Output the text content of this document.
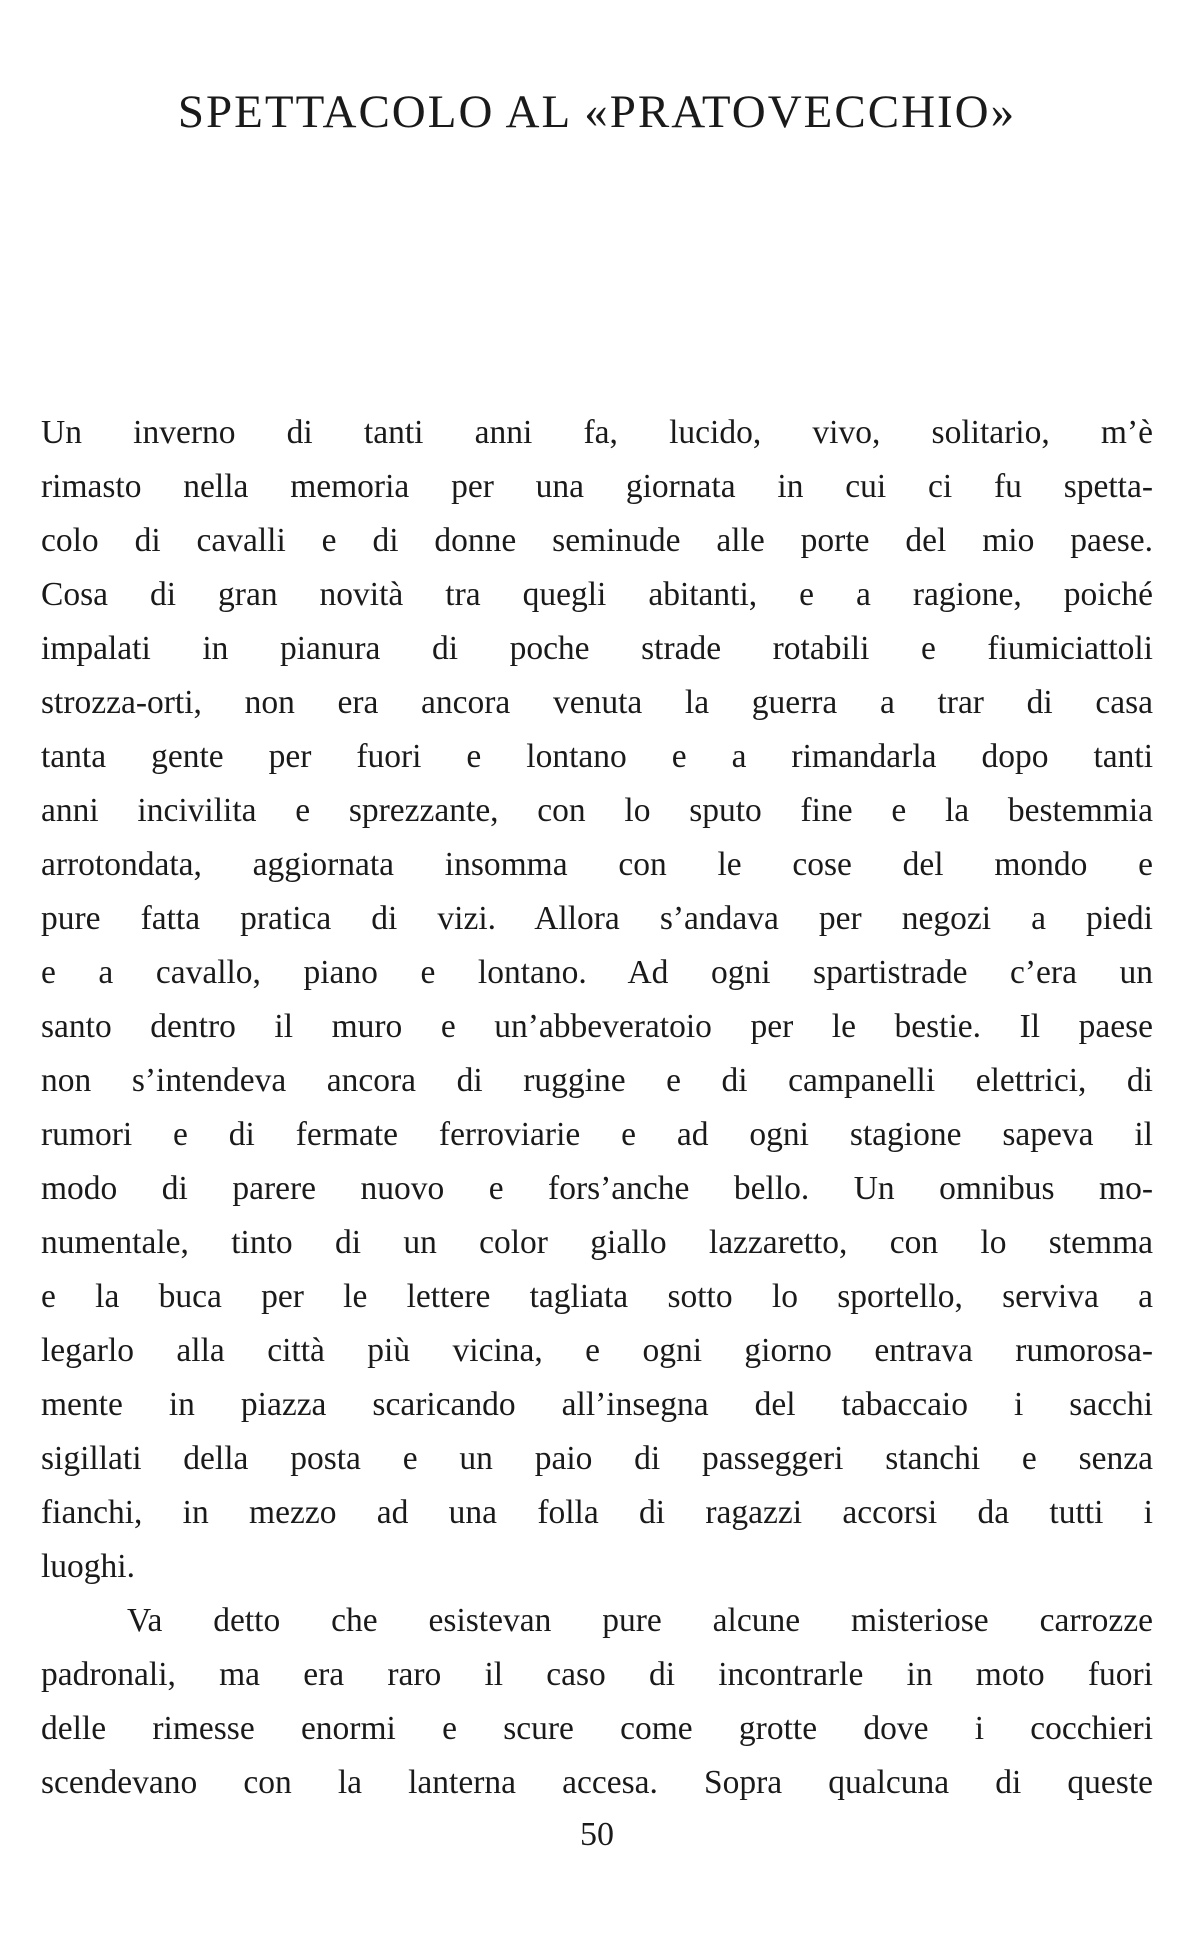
SPETTACOLO AL «PRATOVECCHIO»
Un inverno di tanti anni fa, lucido, vivo, solitario, m’è
rimasto nella memoria per una giornata in cui ci fu spetta-
colo di cavalli e di donne seminude alle porte del mio paese.
Cosa di gran novità tra quegli abitanti, e a ragione, poiché
impalati in pianura di poche strade rotabili e fiumiciattoli
strozza-orti, non era ancora venuta la guerra a trar di casa
tanta gente per fuori e lontano e a rimandarla dopo tanti
anni incivilita e sprezzante, con lo sputo fine e la bestemmia
arrotondata, aggiornata insomma con le cose del mondo e
pure fatta pratica di vizi. Allora s’andava per negozi a piedi
e a cavallo, piano e lontano. Ad ogni spartistrade c’era un
santo dentro il muro e un’abbeveratoio per le bestie. Il paese
non s’intendeva ancora di ruggine e di campanelli elettrici, di
rumori e di fermate ferroviarie e ad ogni stagione sapeva il
modo di parere nuovo e fors’anche bello. Un omnibus mo-
numentale, tinto di un color giallo lazzaretto, con lo stemma
e la buca per le lettere tagliata sotto lo sportello, serviva a
legarlo alla città più vicina, e ogni giorno entrava rumorosa-
mente in piazza scaricando all’insegna del tabaccaio i sacchi
sigillati della posta e un paio di passeggeri stanchi e senza
fianchi, in mezzo ad una folla di ragazzi accorsi da tutti i
luoghi.
Va detto che esistevan pure alcune misteriose carrozze
padronali, ma era raro il caso di incontrarle in moto fuori
delle rimesse enormi e scure come grotte dove i cocchieri
scendevano con la lanterna accesa. Sopra qualcuna di queste
50
